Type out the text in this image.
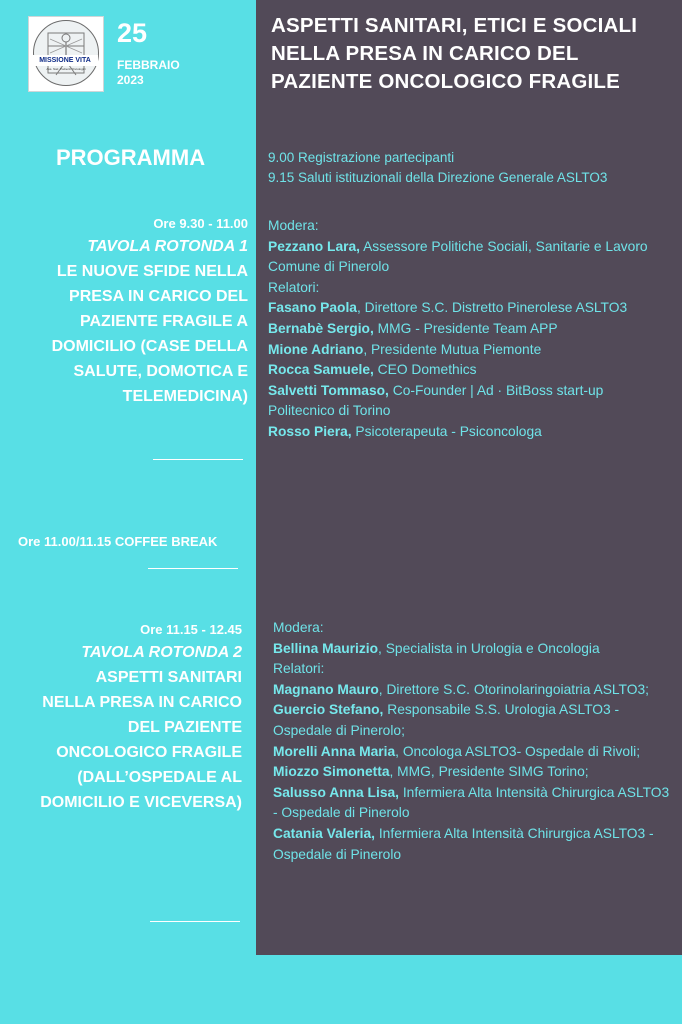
MISSIONE VITA
Ass. Naz. Pazienti Oncologici
25
FEBBRAIO
2023
ASPETTI SANITARI, ETICI E SOCIALI NELLA PRESA IN CARICO DEL PAZIENTE ONCOLOGICO FRAGILE
PROGRAMMA	9.00 Registrazione partecipanti
9.15 Saluti istituzionali della Direzione Generale ASLTO3
Ore 9.30 - 11.00
TAVOLA ROTONDA 1
LE NUOVE SFIDE NELLA PRESA IN CARICO DEL PAZIENTE FRAGILE A DOMICILIO (CASE DELLA SALUTE, DOMOTICA E TELEMEDICINA)

Modera:

Pezzano Lara, Assessore Politiche Sociali, Sanitarie e Lavoro Comune di Pinerolo

Relatori:

Fasano Paola, Direttore S.C. Distretto Pinerolese ASLTO3

Bernabè Sergio, MMG - Presidente Team APP

Mione Adriano, Presidente Mutua Piemonte

Rocca Samuele, CEO Domethics

Salvetti Tommaso, Co-Founder | Ad · BitBoss start-up Politecnico di Torino

Rosso Piera, Psicoterapeuta - Psiconcologa

Ore 11.00/11.15 COFFEE BREAK
Ore 11.15 - 12.45
TAVOLA ROTONDA 2
ASPETTI SANITARI NELLA PRESA IN CARICO DEL PAZIENTE ONCOLOGICO FRAGILE (DALL’OSPEDALE AL DOMICILIO E VICEVERSA)

Modera:

Bellina Maurizio, Specialista in Urologia e Oncologia

Relatori:

Magnano Mauro, Direttore S.C. Otorinolaringoiatria ASLTO3;

Guercio Stefano, Responsabile S.S. Urologia ASLTO3 - Ospedale di Pinerolo;

Morelli Anna Maria, Oncologa ASLTO3- Ospedale di Rivoli;

Miozzo Simonetta, MMG, Presidente SIMG Torino;

Salusso Anna Lisa, Infermiera Alta Intensità Chirurgica ASLTO3 - Ospedale di Pinerolo

Catania Valeria, Infermiera Alta Intensità Chirurgica ASLTO3 - Ospedale di Pinerolo
